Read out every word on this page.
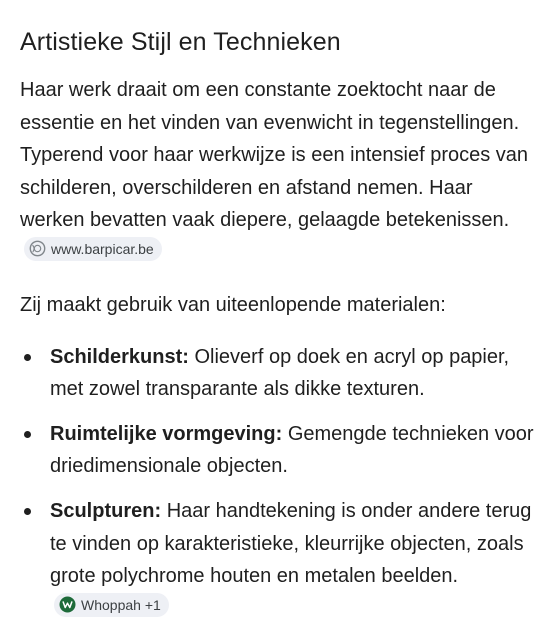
Artistieke Stijl en Technieken

Haar werk draait om een constante zoektocht naar de essentie en het vinden van evenwicht in tegenstellingen. Typerend voor haar werkwijze is een intensief proces van schilderen, overschilderen en afstand nemen. Haar werken bevatten vaak diepere, gelaagde betekenissen.
www.barpicar.be

Zij maakt gebruik van uiteenlopende materialen:

Schilderkunst: Olieverf op doek en acryl op papier, met zowel transparante als dikke texturen.
Ruimtelijke vormgeving: Gemengde technieken voor driedimensionale objecten.
Sculpturen: Haar handtekening is onder andere terug te vinden op karakteristieke, kleurrijke objecten, zoals grote polychrome houten en metalen beelden.
Whoppah +1
